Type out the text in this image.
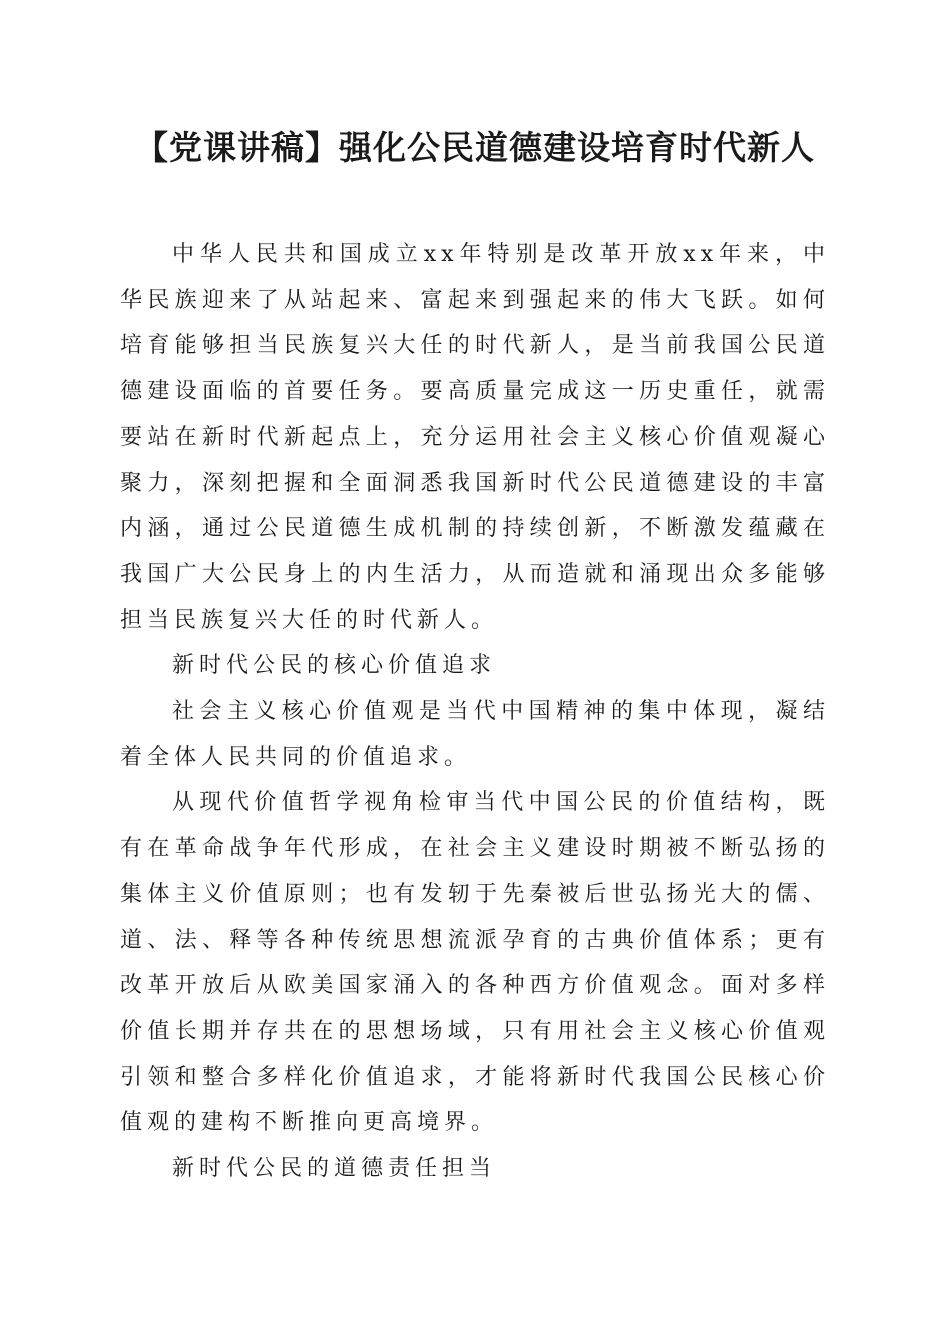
【党课讲稿】强化公民道德建设培育时代新人

中华人民共和国成立xx年特别是改革开放xx年来，中华民族迎来了从站起来、富起来到强起来的伟大飞跃。如何培育能够担当民族复兴大任的时代新人，是当前我国公民道德建设面临的首要任务。要高质量完成这一历史重任，就需要站在新时代新起点上，充分运用社会主义核心价值观凝心聚力，深刻把握和全面洞悉我国新时代公民道德建设的丰富内涵，通过公民道德生成机制的持续创新，不断激发蕴藏在我国广大公民身上的内生活力，从而造就和涌现出众多能够担当民族复兴大任的时代新人。

新时代公民的核心价值追求

社会主义核心价值观是当代中国精神的集中体现，凝结着全体人民共同的价值追求。

从现代价值哲学视角检审当代中国公民的价值结构，既有在革命战争年代形成，在社会主义建设时期被不断弘扬的集体主义价值原则；也有发轫于先秦被后世弘扬光大的儒、道、法、释等各种传统思想流派孕育的古典价值体系；更有改革开放后从欧美国家涌入的各种西方价值观念。面对多样价值长期并存共在的思想场域，只有用社会主义核心价值观引领和整合多样化价值追求，才能将新时代我国公民核心价值观的建构不断推向更高境界。

新时代公民的道德责任担当
